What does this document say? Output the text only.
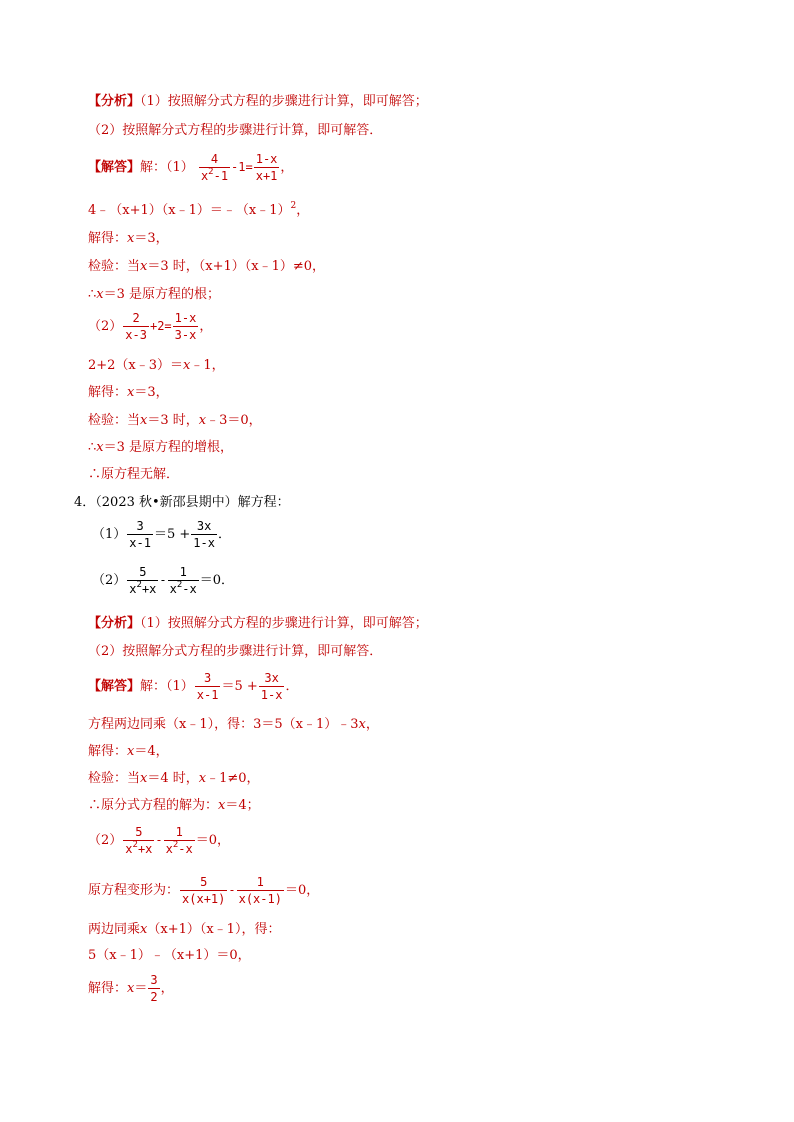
【分析】（1）按照解分式方程的步骤进行计算，即可解答；
（2）按照解分式方程的步骤进行计算，即可解答．
【解答】解：$(1) \frac{4}{x^2-1} -1= \frac{1-x}{x+1}$ ，
4﹣（x+1）（x﹣1）＝﹣（x﹣1）$^2$，
解得：x＝3，
检验：当x＝3 时，（x+1）（x﹣1）≠0，
∴x＝3 是原方程的根；
$(2) \frac{2}{x-3} +2= \frac{1-x}{3-x}$ ，
2+2（x﹣3）＝x﹣1，
解得：x＝3，
检验：当x＝3 时，x﹣3＝0，
∴x＝3 是原方程的增根，
∴原方程无解．
4．（2023 秋•新邵县期中）解方程：
$(1) \frac{3}{x-1} =5 + \frac{3x}{1-x}$ ．
$(2) \frac{5}{x^2+x} - \frac{1}{x^2-x} =0$．
【分析】（1）按照解分式方程的步骤进行计算，即可解答；
（2）按照解分式方程的步骤进行计算，即可解答．
【解答】解：$(1) \frac{3}{x-1} =5 + \frac{3x}{1-x}$ ．
方程两边同乘（x﹣1），得：3＝5（x﹣1）﹣3x，
解得：x＝4，
检验：当x＝4 时，x﹣1≠0，
∴原分式方程的解为：x＝4；
$(2) \frac{5}{x^2+x} - \frac{1}{x^2-x} =0$，
原方程变形为： $\frac{5}{x(x+1)} - \frac{1}{x(x-1)} =0$，
两边同乘x（x+1）（x﹣1），得：
5（x﹣1）﹣（x+1）＝0，
解得：$x= \frac{3}{2}$ ，
